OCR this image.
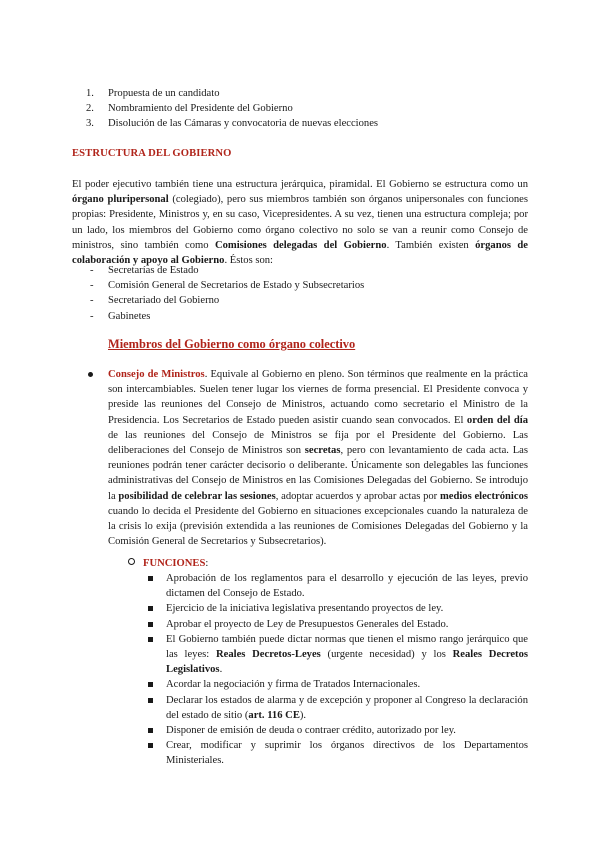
1. Propuesta de un candidato
2. Nombramiento del Presidente del Gobierno
3. Disolución de las Cámaras y convocatoria de nuevas elecciones
ESTRUCTURA DEL GOBIERNO

El poder ejecutivo también tiene una estructura jerárquica, piramidal. El Gobierno se estructura como un órgano pluripersonal (colegiado), pero sus miembros también son órganos unipersonales con funciones propias: Presidente, Ministros y, en su caso, Vicepresidentes. A su vez, tienen una estructura compleja; por un lado, los miembros del Gobierno como órgano colectivo no solo se van a reunir como Consejo de ministros, sino también como Comisiones delegadas del Gobierno. También existen órganos de colaboración y apoyo al Gobierno. Éstos son:

- Secretarías de Estado
- Comisión General de Secretarios de Estado y Subsecretarios
- Secretariado del Gobierno
- Gabinetes
Miembros del Gobierno como órgano colectivo
Consejo de Ministros. Equivale al Gobierno en pleno. Son términos que realmente en la práctica son intercambiables. Suelen tener lugar los viernes de forma presencial. El Presidente convoca y preside las reuniones del Consejo de Ministros, actuando como secretario el Ministro de la Presidencia. Los Secretarios de Estado pueden asistir cuando sean convocados. El orden del día de las reuniones del Consejo de Ministros se fija por el Presidente del Gobierno. Las deliberaciones del Consejo de Ministros son secretas, pero con levantamiento de cada acta. Las reuniones podrán tener carácter decisorio o deliberante. Únicamente son delegables las funciones administrativas del Consejo de Ministros en las Comisiones Delegadas del Gobierno. Se introdujo la posibilidad de celebrar las sesiones, adoptar acuerdos y aprobar actas por medios electrónicos cuando lo decida el Presidente del Gobierno en situaciones excepcionales cuando la naturaleza de la crisis lo exija (previsión extendida a las reuniones de Comisiones Delegadas del Gobierno y la Comisión General de Secretarios y Subsecretarios).

FUNCIONES:

Aprobación de los reglamentos para el desarrollo y ejecución de las leyes, previo dictamen del Consejo de Estado.
Ejercicio de la iniciativa legislativa presentando proyectos de ley.
Aprobar el proyecto de Ley de Presupuestos Generales del Estado.
El Gobierno también puede dictar normas que tienen el mismo rango jerárquico que las leyes: Reales Decretos-Leyes (urgente necesidad) y los Reales Decretos Legislativos.
Acordar la negociación y firma de Tratados Internacionales.
Declarar los estados de alarma y de excepción y proponer al Congreso la declaración del estado de sitio (art. 116 CE).
Disponer de emisión de deuda o contraer crédito, autorizado por ley.
Crear, modificar y suprimir los órganos directivos de los Departamentos Ministeriales.
